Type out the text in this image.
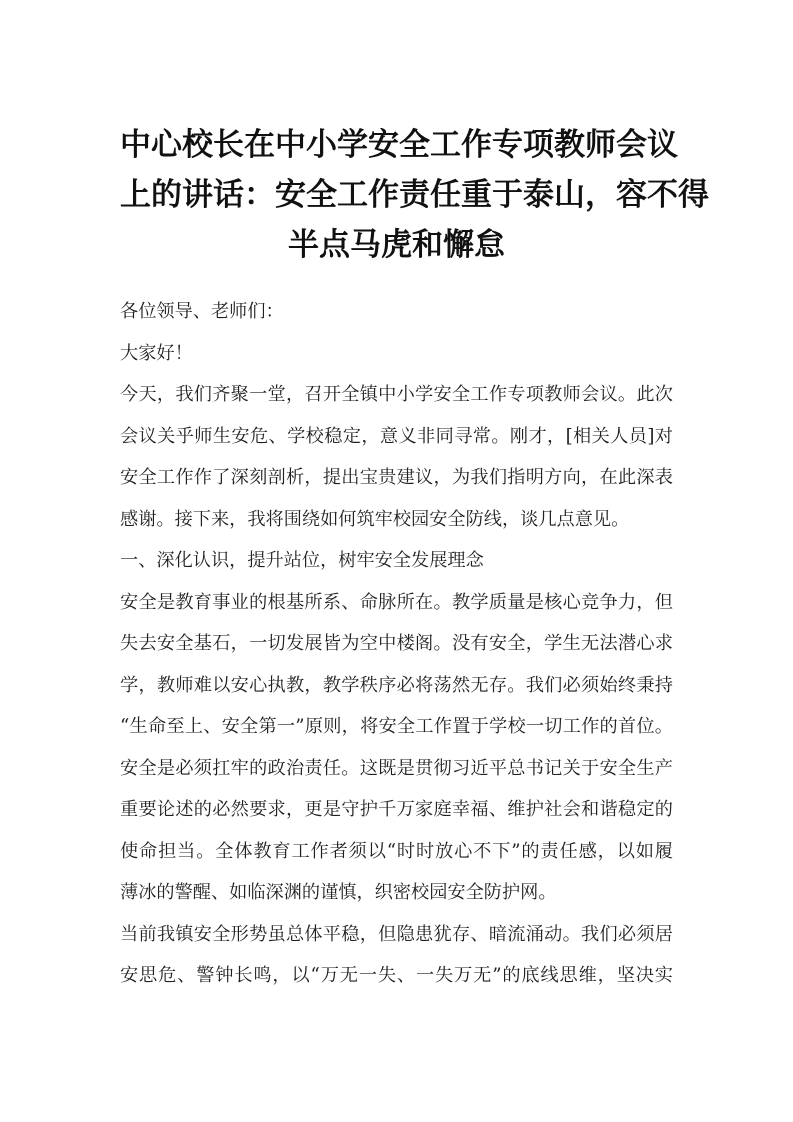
中心校长在中小学安全工作专项教师会议
上的讲话：安全工作责任重于泰山，容不得
半点马虎和懈怠
各位领导、老师们：
大家好！
今天，我们齐聚一堂，召开全镇中小学安全工作专项教师会议。此次
会议关乎师生安危、学校稳定，意义非同寻常。刚才，[相关人员]对
安全工作作了深刻剖析，提出宝贵建议，为我们指明方向，在此深表
感谢。接下来，我将围绕如何筑牢校园安全防线，谈几点意见。
一、深化认识，提升站位，树牢安全发展理念
安全是教育事业的根基所系、命脉所在。教学质量是核心竞争力，但
失去安全基石，一切发展皆为空中楼阁。没有安全，学生无法潜心求
学，教师难以安心执教，教学秩序必将荡然无存。我们必须始终秉持
“生命至上、安全第一”原则，将安全工作置于学校一切工作的首位。
安全是必须扛牢的政治责任。这既是贯彻习近平总书记关于安全生产
重要论述的必然要求，更是守护千万家庭幸福、维护社会和谐稳定的
使命担当。全体教育工作者须以“时时放心不下”的责任感，以如履
薄冰的警醒、如临深渊的谨慎，织密校园安全防护网。
当前我镇安全形势虽总体平稳，但隐患犹存、暗流涌动。我们必须居
安思危、警钟长鸣，以“万无一失、一失万无”的底线思维，坚决实
